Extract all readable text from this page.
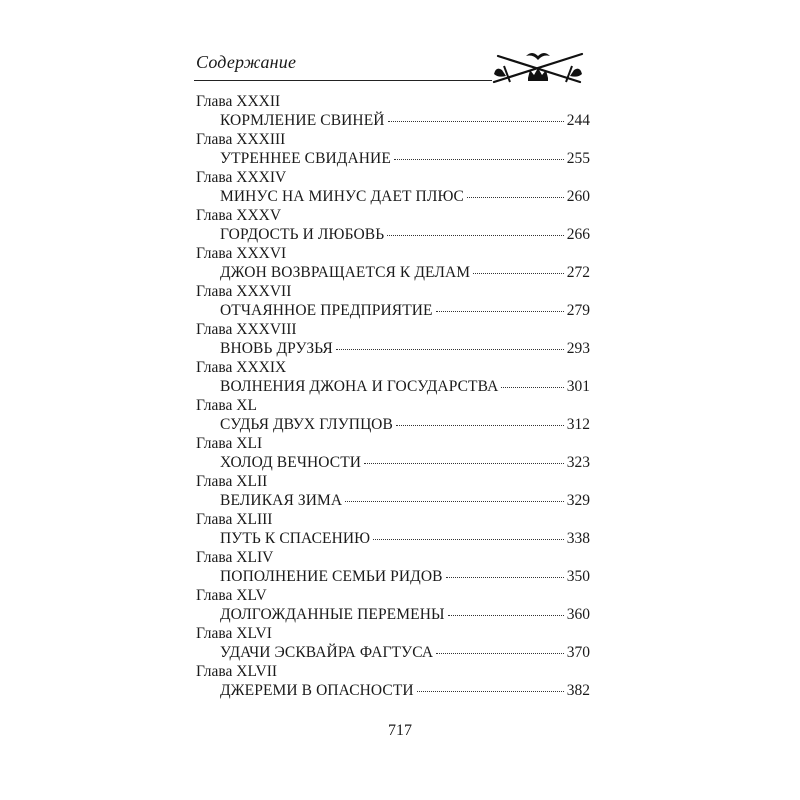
Содержание
Глава XXXII
КОРМЛЕНИЕ СВИНЕЙ	244
Глава XXXIII
УТРЕННЕЕ СВИДАНИЕ	255
Глава XXXIV
МИНУС НА МИНУС ДАЕТ ПЛЮС	260
Глава XXXV
ГОРДОСТЬ И ЛЮБОВЬ	266
Глава XXXVI
ДЖОН ВОЗВРАЩАЕТСЯ К ДЕЛАМ	272
Глава XXXVII
ОТЧАЯННОЕ ПРЕДПРИЯТИЕ	279
Глава XXXVIII
ВНОВЬ ДРУЗЬЯ	293
Глава XXXIX
ВОЛНЕНИЯ ДЖОНА И ГОСУДАРСТВА	301
Глава XL
СУДЬЯ ДВУХ ГЛУПЦОВ	312
Глава XLI
ХОЛОД ВЕЧНОСТИ	323
Глава XLII
ВЕЛИКАЯ ЗИМА	329
Глава XLIII
ПУТЬ К СПАСЕНИЮ	338
Глава XLIV
ПОПОЛНЕНИЕ СЕМЬИ РИДОВ	350
Глава XLV
ДОЛГОЖДАННЫЕ ПЕРЕМЕНЫ	360
Глава XLVI
УДАЧИ ЭСКВАЙРА ФАГТУСА	370
Глава XLVII
ДЖЕРЕМИ В ОПАСНОСТИ	382
717
